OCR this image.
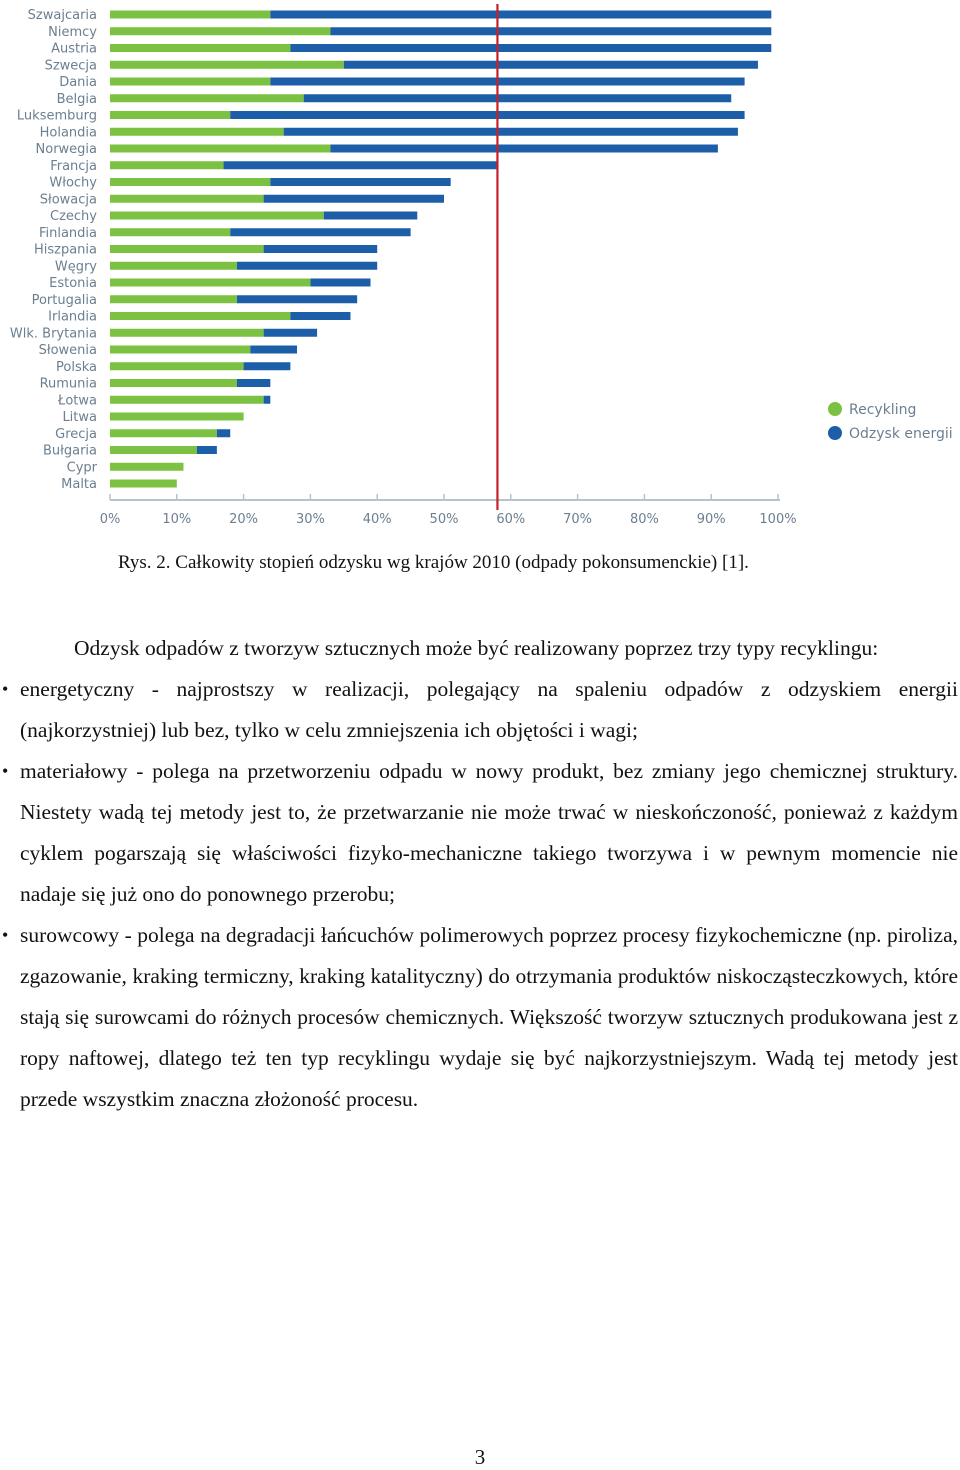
Szwajcaria
Niemcy
Austria
Szwecja
Dania
Belgia
Luksemburg
Holandia
Norwegia
Francja
Włochy
Słowacja
Czechy
Finlandia
Hiszpania
Węgry
Estonia
Portugalia
Irlandia
Wlk. Brytania
Słowenia
Polska
Rumunia
Łotwa
Litwa
Grecja
Bułgaria
Cypr
Malta
0%	10%	20%	30%	40%	50%	60%	70%	80%	90%	100%
Recykling
Odzysk energii
Rys. 2. Całkowity stopień odzysku wg krajów 2010 (odpady pokonsumenckie) [1].

Odzysk odpadów z tworzyw sztucznych może być realizowany poprzez trzy typy recyklingu:

• energetyczny - najprostszy w realizacji, polegający na spaleniu odpadów z odzyskiem energii (najkorzystniej) lub bez, tylko w celu zmniejszenia ich objętości i wagi;
• materiałowy - polega na przetworzeniu odpadu w nowy produkt, bez zmiany jego chemicznej struktury. Niestety wadą tej metody jest to, że przetwarzanie nie może trwać w nieskończoność, ponieważ z każdym cyklem pogarszają się właściwości fizyko-mechaniczne takiego tworzywa i w pewnym momencie nie nadaje się już ono do ponownego przerobu;
• surowcowy - polega na degradacji łańcuchów polimerowych poprzez procesy fizykochemiczne (np. piroliza, zgazowanie, kraking termiczny, kraking katalityczny) do otrzymania produktów niskocząsteczkowych, które stają się surowcami do różnych procesów chemicznych. Większość tworzyw sztucznych produkowana jest z ropy naftowej, dlatego też ten typ recyklingu wydaje się być najkorzystniejszym. Wadą tej metody jest przede wszystkim znaczna złożoność procesu.
3
